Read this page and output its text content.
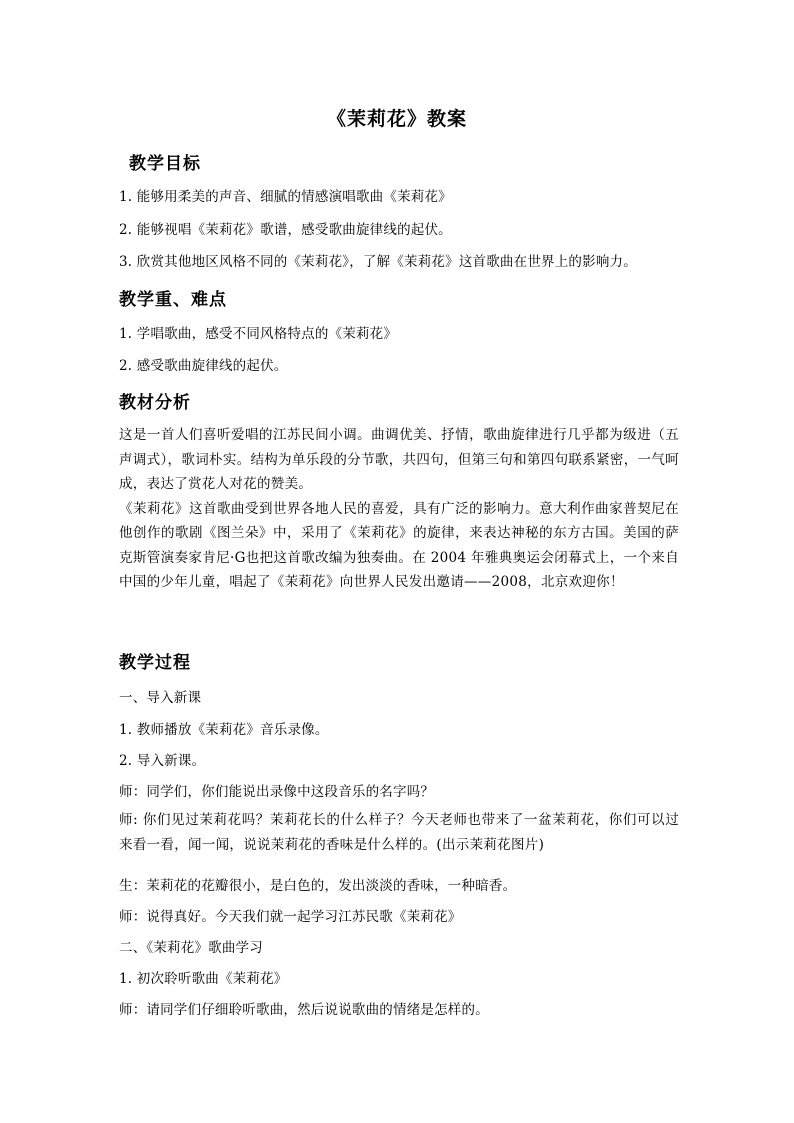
《茉莉花》教案
教学目标
1. 能够用柔美的声音、细腻的情感演唱歌曲《茉莉花》
2. 能够视唱《茉莉花》歌谱，感受歌曲旋律线的起伏。
3. 欣赏其他地区风格不同的《茉莉花》，了解《茉莉花》这首歌曲在世界上的影响力。
教学重、难点
1. 学唱歌曲，感受不同风格特点的《茉莉花》
2. 感受歌曲旋律线的起伏。
教材分析

这是一首人们喜听爱唱的江苏民间小调。曲调优美、抒情，歌曲旋律进行几乎都为级进（五声调式），歌词朴实。结构为单乐段的分节歌，共四句，但第三句和第四句联系紧密，一气呵成，表达了赏花人对花的赞美。

《茉莉花》这首歌曲受到世界各地人民的喜爱，具有广泛的影响力。意大利作曲家普契尼在他创作的歌剧《图兰朵》中，采用了《茉莉花》的旋律，来表达神秘的东方古国。美国的萨克斯管演奏家肯尼·G也把这首歌改编为独奏曲。在 2004 年雅典奥运会闭幕式上，一个来自中国的少年儿童，唱起了《茉莉花》向世界人民发出邀请——2008，北京欢迎你！

教学过程
一、导入新课
1. 教师播放《茉莉花》音乐录像。
2. 导入新课。
师：同学们，你们能说出录像中这段音乐的名字吗？
师: 你们见过茉莉花吗？茉莉花长的什么样子？今天老师也带来了一盆茉莉花，你们可以过来看一看，闻一闻，说说茉莉花的香味是什么样的。(出示茉莉花图片)
生：茉莉花的花瓣很小，是白色的，发出淡淡的香味，一种暗香。
师：说得真好。今天我们就一起学习江苏民歌《茉莉花》
二、《茉莉花》歌曲学习
1. 初次聆听歌曲《茉莉花》
师：请同学们仔细聆听歌曲，然后说说歌曲的情绪是怎样的。
